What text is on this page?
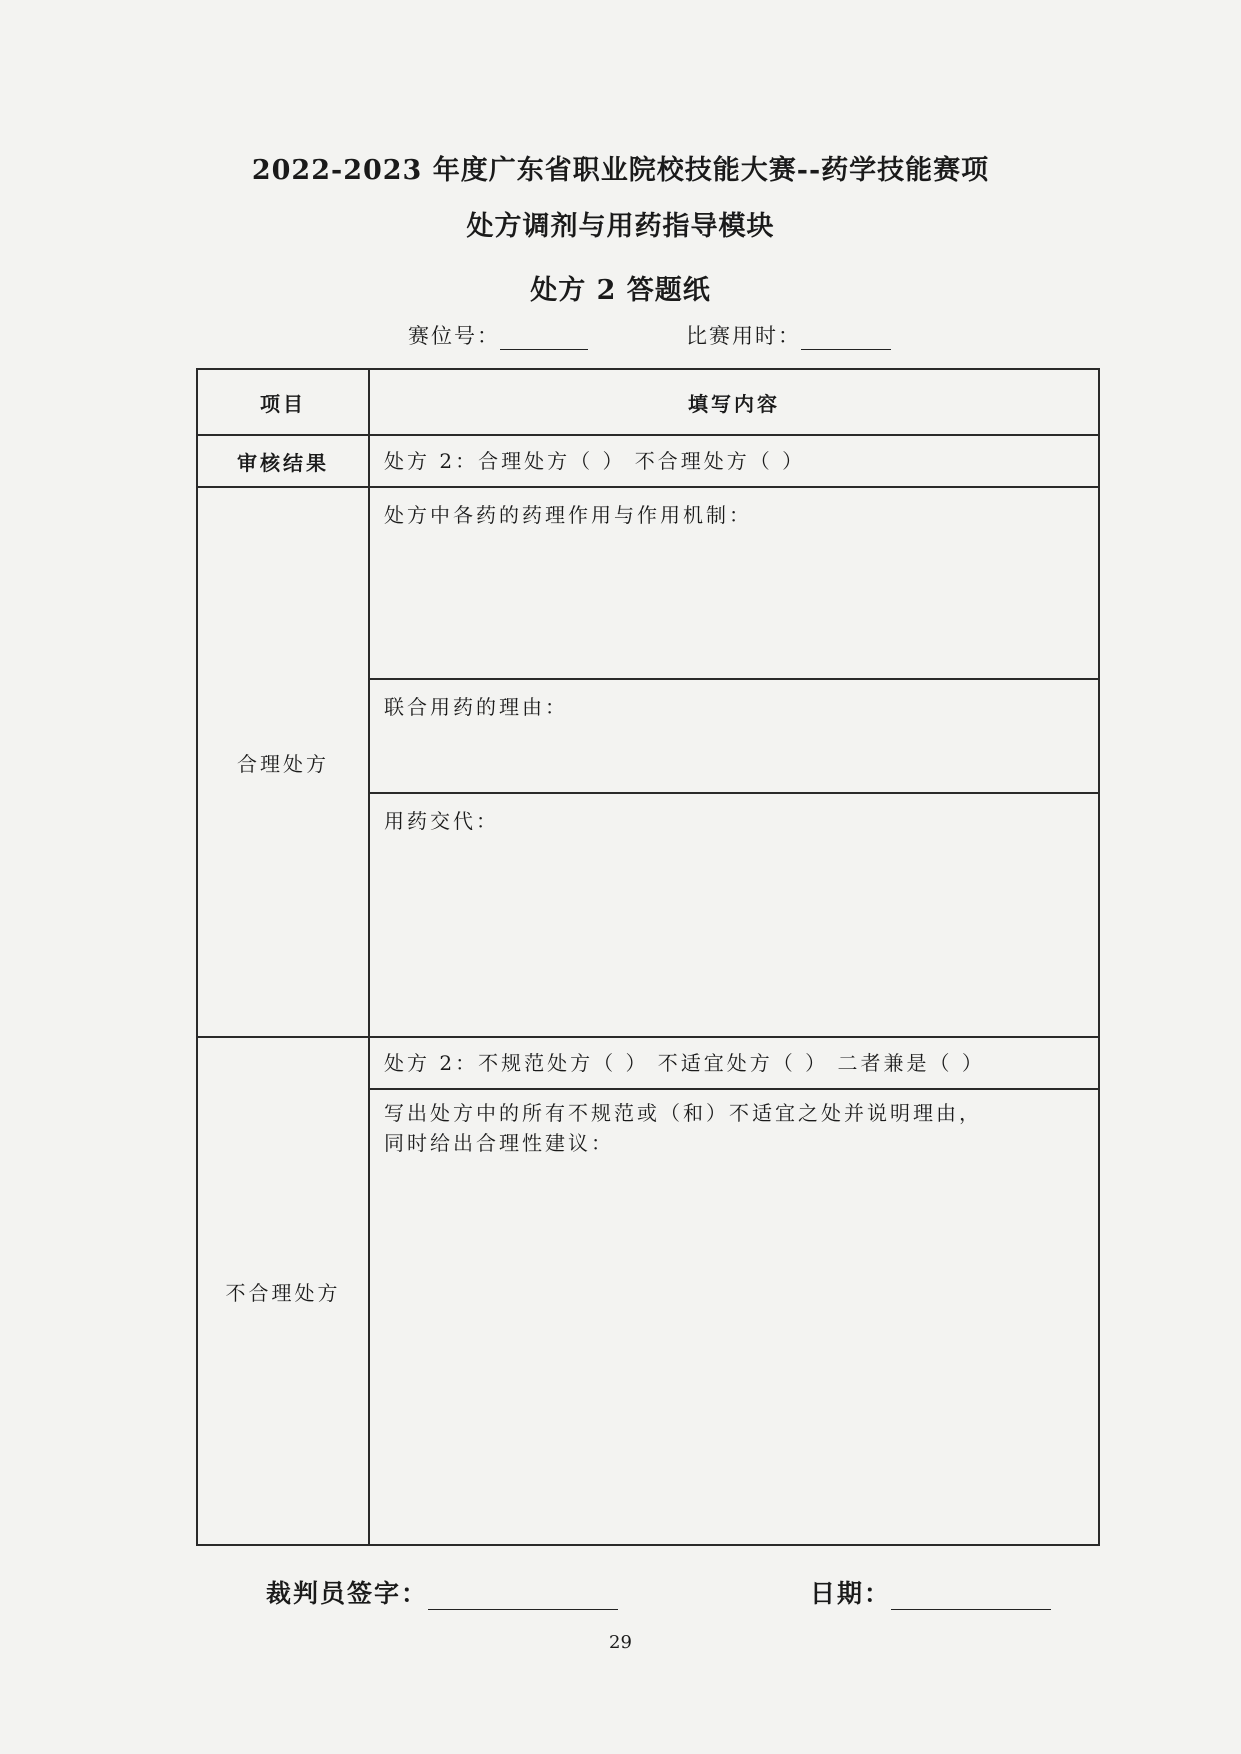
2022-2023 年度广东省职业院校技能大赛--药学技能赛项
处方调剂与用药指导模块
处方 2 答题纸
赛位号：	比赛用时：
项目	填写内容
审核结果	处方 2：合理处方（ ） 不合理处方（ ）

合理处方	处方中各药的药理作用与作用机制：

	联合用药的理由：

	用药交代：

不合理处方	处方 2：不规范处方（ ） 不适宜处方（ ） 二者兼是（ ）

	写出处方中的所有不规范或（和）不适宜之处并说明理由，
同时给出合理性建议：
裁判员签字：	日期：
29
